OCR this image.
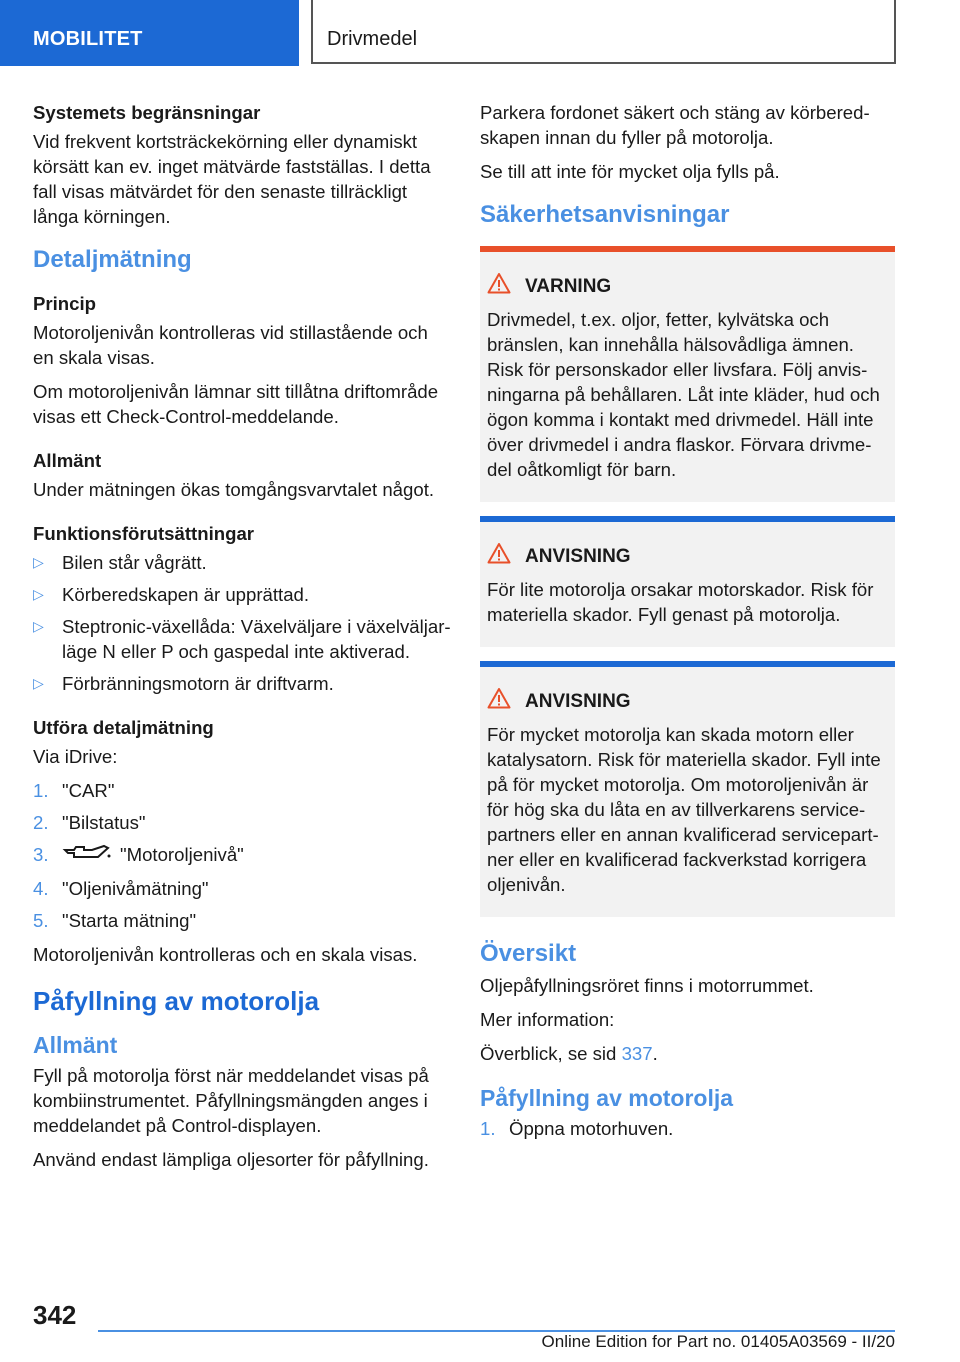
MOBILITET	Drivmedel
Systemets begränsningar

Vid frekvent kortsträckekörning eller dynamiskt körsätt kan ev. inget mätvärde fastställas. I detta fall visas mätvärdet för den senaste tillräckligt långa körningen.

Detaljmätning
Princip

Motoroljenivån kontrolleras vid stillastående och en skala visas.

Om motoroljenivån lämnar sitt tillåtna driftområde visas ett Check-Control-meddelande.

Allmänt

Under mätningen ökas tomgångsvarvtalet något.

Funktionsförutsättningar
▷ Bilen står vågrätt.
▷ Körberedskapen är upprättad.
▷ Steptronic-växellåda: Växelväljare i växelväljar-läge N eller P och gaspedal inte aktiverad.
▷ Förbränningsmotorn är driftvarm.
Utföra detaljmätning

Via iDrive:

1. "CAR"
2. "Bilstatus"
3.	"Motoroljenivå"
4. "Oljenivåmätning"
5. "Starta mätning"

Motoroljenivån kontrolleras och en skala visas.

Påfyllning av motorolja
Allmänt

Fyll på motorolja först när meddelandet visas på kombiinstrumentet. Påfyllningsmängden anges i meddelandet på Control-displayen.

Använd endast lämpliga oljesorter för påfyllning.

Parkera fordonet säkert och stäng av körbered-skapen innan du fyller på motorolja.

Se till att inte för mycket olja fylls på.

Säkerhetsanvisningar
VARNING

Drivmedel, t.ex. oljor, fetter, kylvätska och bränslen, kan innehålla hälsovådliga ämnen. Risk för personskador eller livsfara. Följ anvis-ningarna på behållaren. Låt inte kläder, hud och ögon komma i kontakt med drivmedel. Häll inte över drivmedel i andra flaskor. Förvara drivme-del oåtkomligt för barn.

ANVISNING

För lite motorolja orsakar motorskador. Risk för materiella skador. Fyll genast på motorolja.

ANVISNING

För mycket motorolja kan skada motorn eller katalysatorn. Risk för materiella skador. Fyll inte på för mycket motorolja. Om motoroljenivån är för hög ska du låta en av tillverkarens service-partners eller en annan kvalificerad servicepart-ner eller en kvalificerad fackverkstad korrigera oljenivån.

Översikt

Oljepåfyllningsröret finns i motorrummet.

Mer information:

Överblick, se sid 337.

Påfyllning av motorolja
1. Öppna motorhuven.
342
Online Edition for Part no. 01405A03569 - II/20
